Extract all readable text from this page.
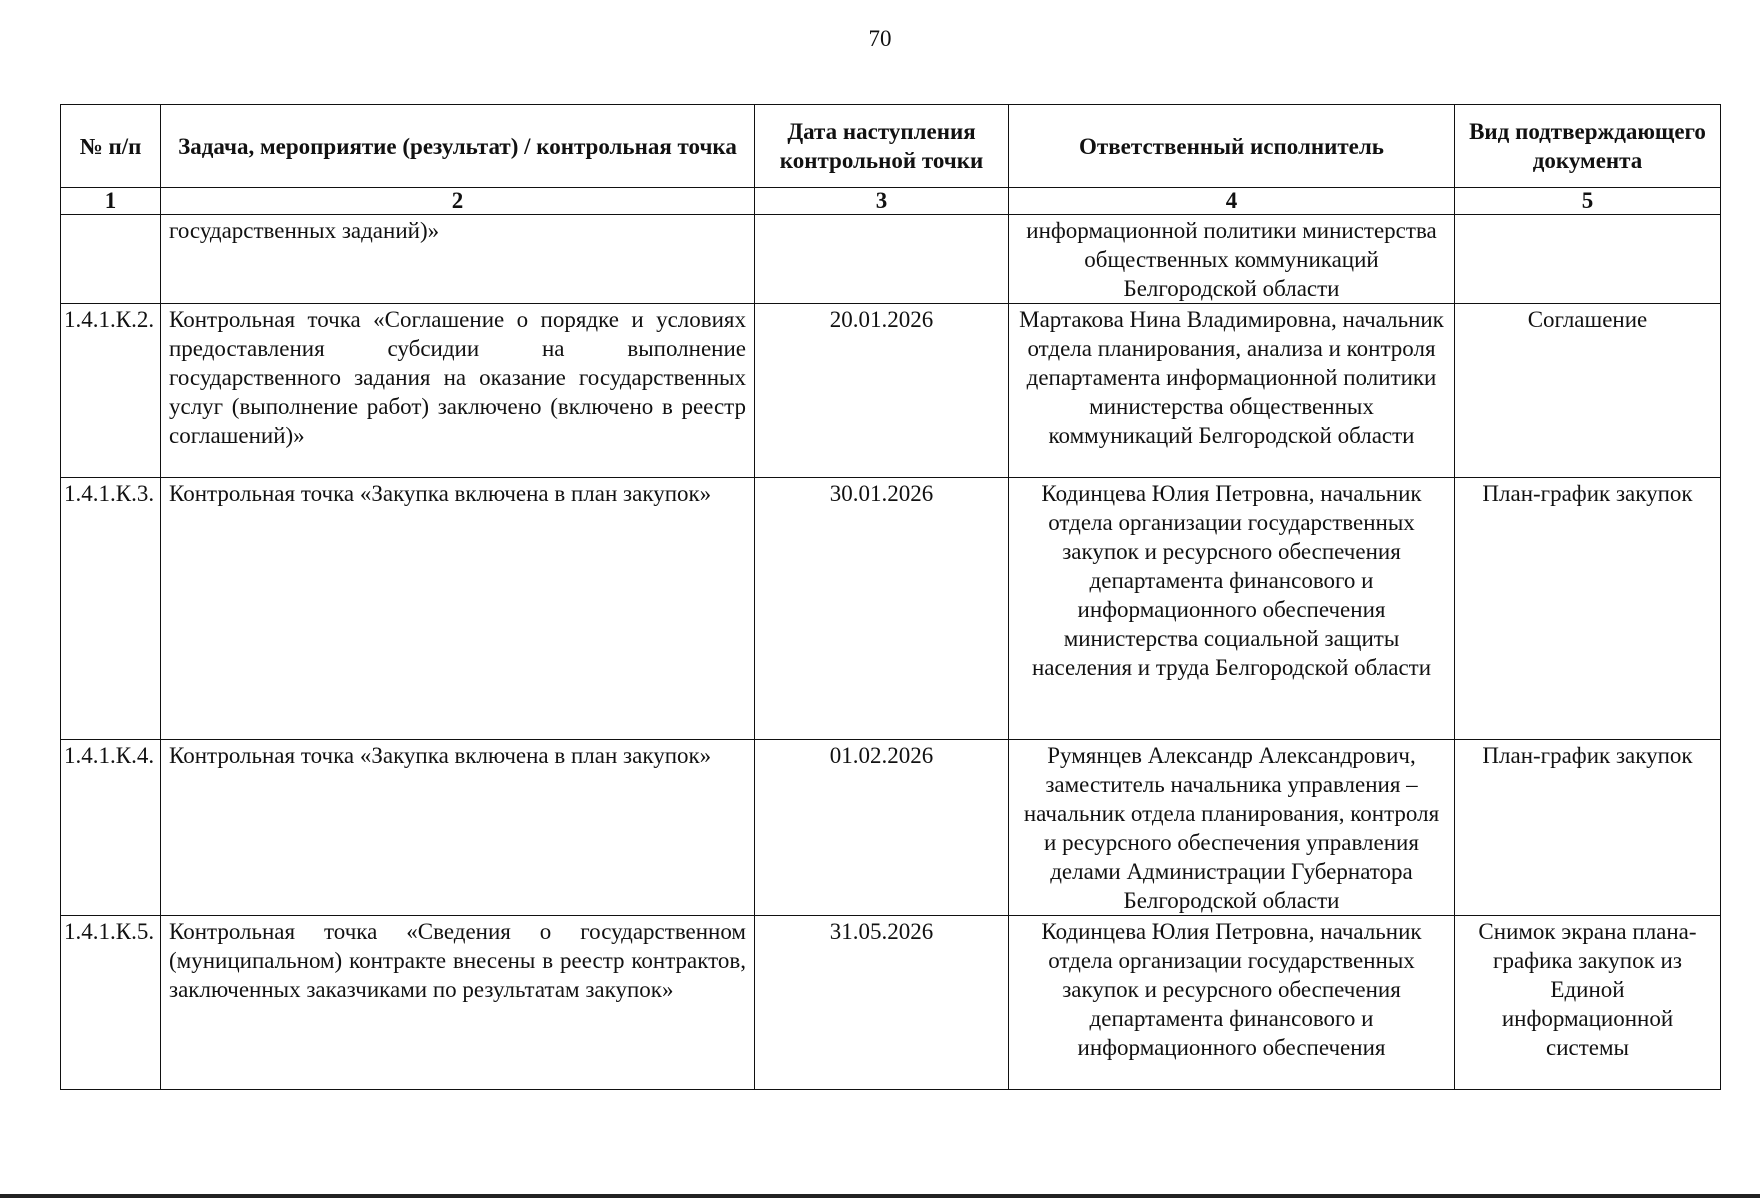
70
№ п/п	Задача, мероприятие (результат) / контрольная точка	Дата наступления контрольной точки	Ответственный исполнитель	Вид подтверждающего документа
1	2	3	4	5
	государственных заданий)»		информационной политики министерства общественных коммуникаций Белгородской области	
1.4.1.К.2.	Контрольная точка «Соглашение о порядке и условиях предоставления субсидии на выполнение государственного задания на оказание государственных услуг (выполнение работ) заключено (включено в реестр соглашений)»	20.01.2026	Мартакова Нина Владимировна, начальник отдела планирования, анализа и контроля департамента информационной политики министерства общественных коммуникаций Белгородской области	Соглашение
1.4.1.К.3.	Контрольная точка «Закупка включена в план закупок»	30.01.2026	Кодинцева Юлия Петровна, начальник отдела организации государственных закупок и ресурсного обеспечения департамента финансового и информационного обеспечения министерства социальной защиты населения и труда Белгородской области	План-график закупок
1.4.1.К.4.	Контрольная точка «Закупка включена в план закупок»	01.02.2026	Румянцев Александр Александрович, заместитель начальника управления – начальник отдела планирования, контроля и ресурсного обеспечения управления делами Администрации Губернатора Белгородской области	План-график закупок
1.4.1.К.5.	Контрольная точка «Сведения о государственном (муниципальном) контракте внесены в реестр контрактов, заключенных заказчиками по результатам закупок»	31.05.2026	Кодинцева Юлия Петровна, начальник отдела организации государственных закупок и ресурсного обеспечения департамента финансового и информационного обеспечения	Снимок экрана плана-графика закупок из Единой информационной системы
